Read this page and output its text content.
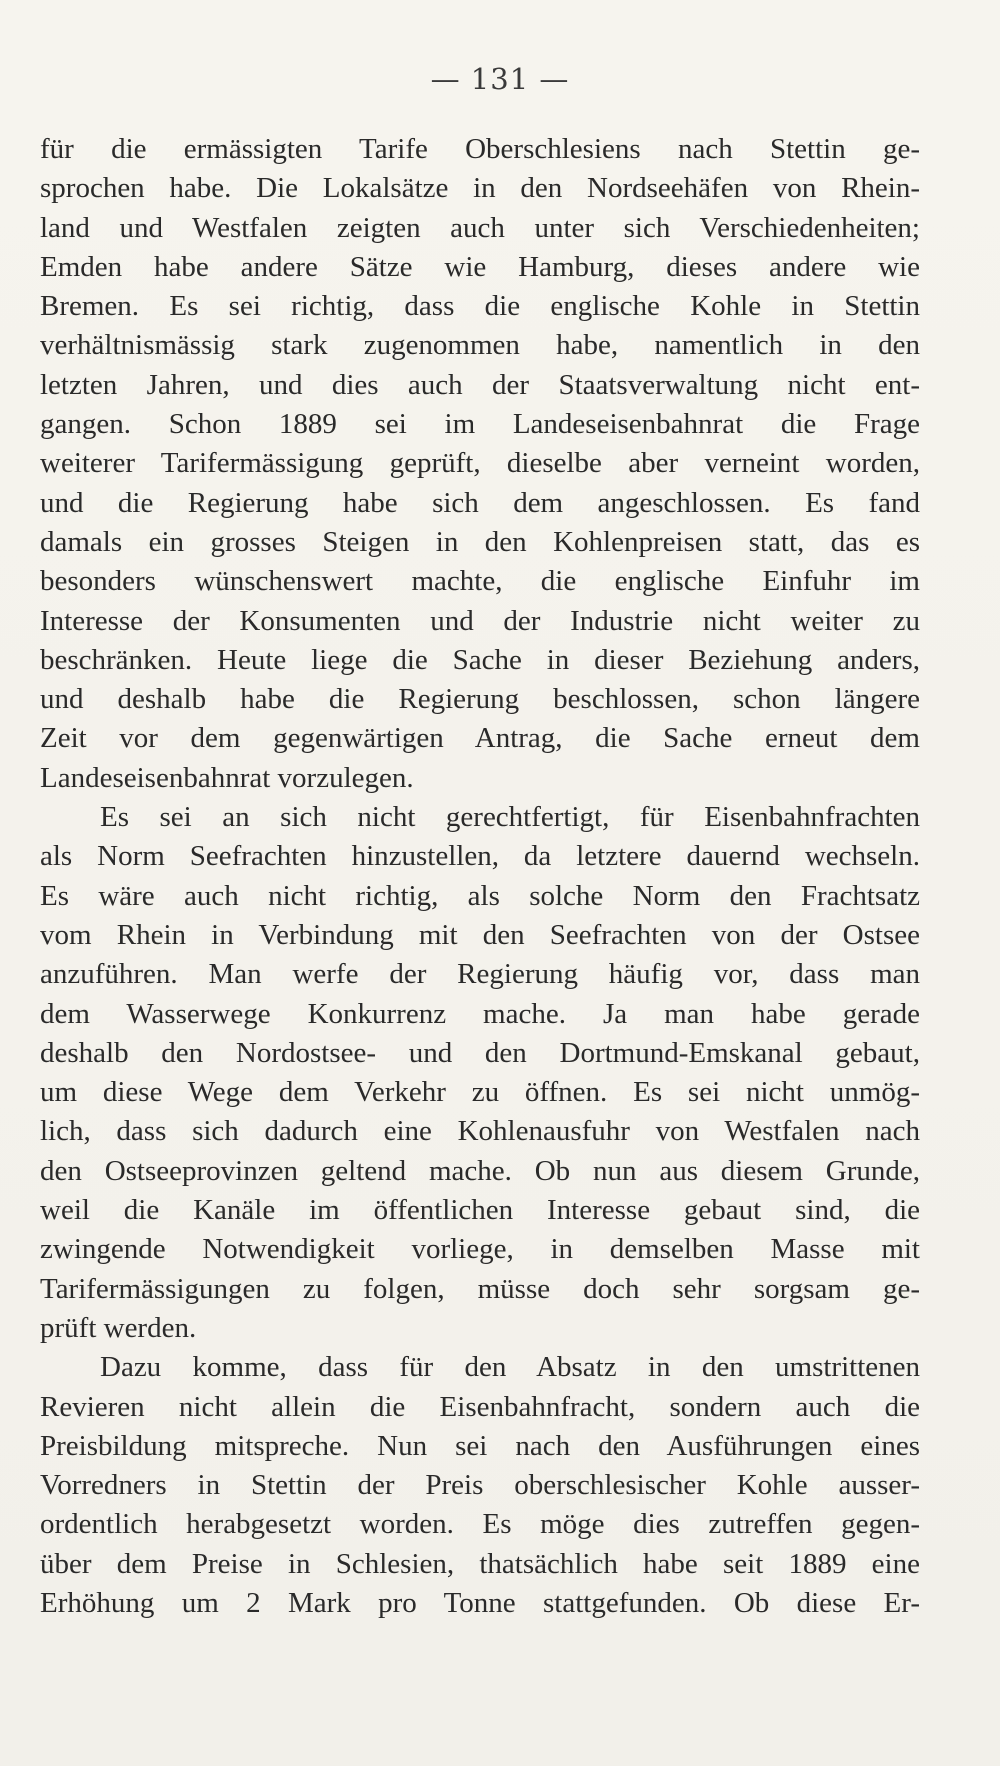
— 131 —
für die ermässigten Tarife Oberschlesiens nach Stettin ge-
sprochen habe. Die Lokalsätze in den Nordseehäfen von Rhein-
land und Westfalen zeigten auch unter sich Verschiedenheiten;
Emden habe andere Sätze wie Hamburg, dieses andere wie
Bremen. Es sei richtig, dass die englische Kohle in Stettin
verhältnismässig stark zugenommen habe, namentlich in den
letzten Jahren, und dies auch der Staatsverwaltung nicht ent-
gangen. Schon 1889 sei im Landeseisenbahnrat die Frage
weiterer Tarifermässigung geprüft, dieselbe aber verneint worden,
und die Regierung habe sich dem angeschlossen. Es fand
damals ein grosses Steigen in den Kohlenpreisen statt, das es
besonders wünschenswert machte, die englische Einfuhr im
Interesse der Konsumenten und der Industrie nicht weiter zu
beschränken. Heute liege die Sache in dieser Beziehung anders,
und deshalb habe die Regierung beschlossen, schon längere
Zeit vor dem gegenwärtigen Antrag, die Sache erneut dem
Landeseisenbahnrat vorzulegen.
Es sei an sich nicht gerechtfertigt, für Eisenbahnfrachten
als Norm Seefrachten hinzustellen, da letztere dauernd wechseln.
Es wäre auch nicht richtig, als solche Norm den Frachtsatz
vom Rhein in Verbindung mit den Seefrachten von der Ostsee
anzuführen. Man werfe der Regierung häufig vor, dass man
dem Wasserwege Konkurrenz mache. Ja man habe gerade
deshalb den Nordostsee- und den Dortmund-Emskanal gebaut,
um diese Wege dem Verkehr zu öffnen. Es sei nicht unmög-
lich, dass sich dadurch eine Kohlenausfuhr von Westfalen nach
den Ostseeprovinzen geltend mache. Ob nun aus diesem Grunde,
weil die Kanäle im öffentlichen Interesse gebaut sind, die
zwingende Notwendigkeit vorliege, in demselben Masse mit
Tarifermässigungen zu folgen, müsse doch sehr sorgsam ge-
prüft werden.
Dazu komme, dass für den Absatz in den umstrittenen
Revieren nicht allein die Eisenbahnfracht, sondern auch die
Preisbildung mitspreche. Nun sei nach den Ausführungen eines
Vorredners in Stettin der Preis oberschlesischer Kohle ausser-
ordentlich herabgesetzt worden. Es möge dies zutreffen gegen-
über dem Preise in Schlesien, thatsächlich habe seit 1889 eine
Erhöhung um 2 Mark pro Tonne stattgefunden. Ob diese Er-
